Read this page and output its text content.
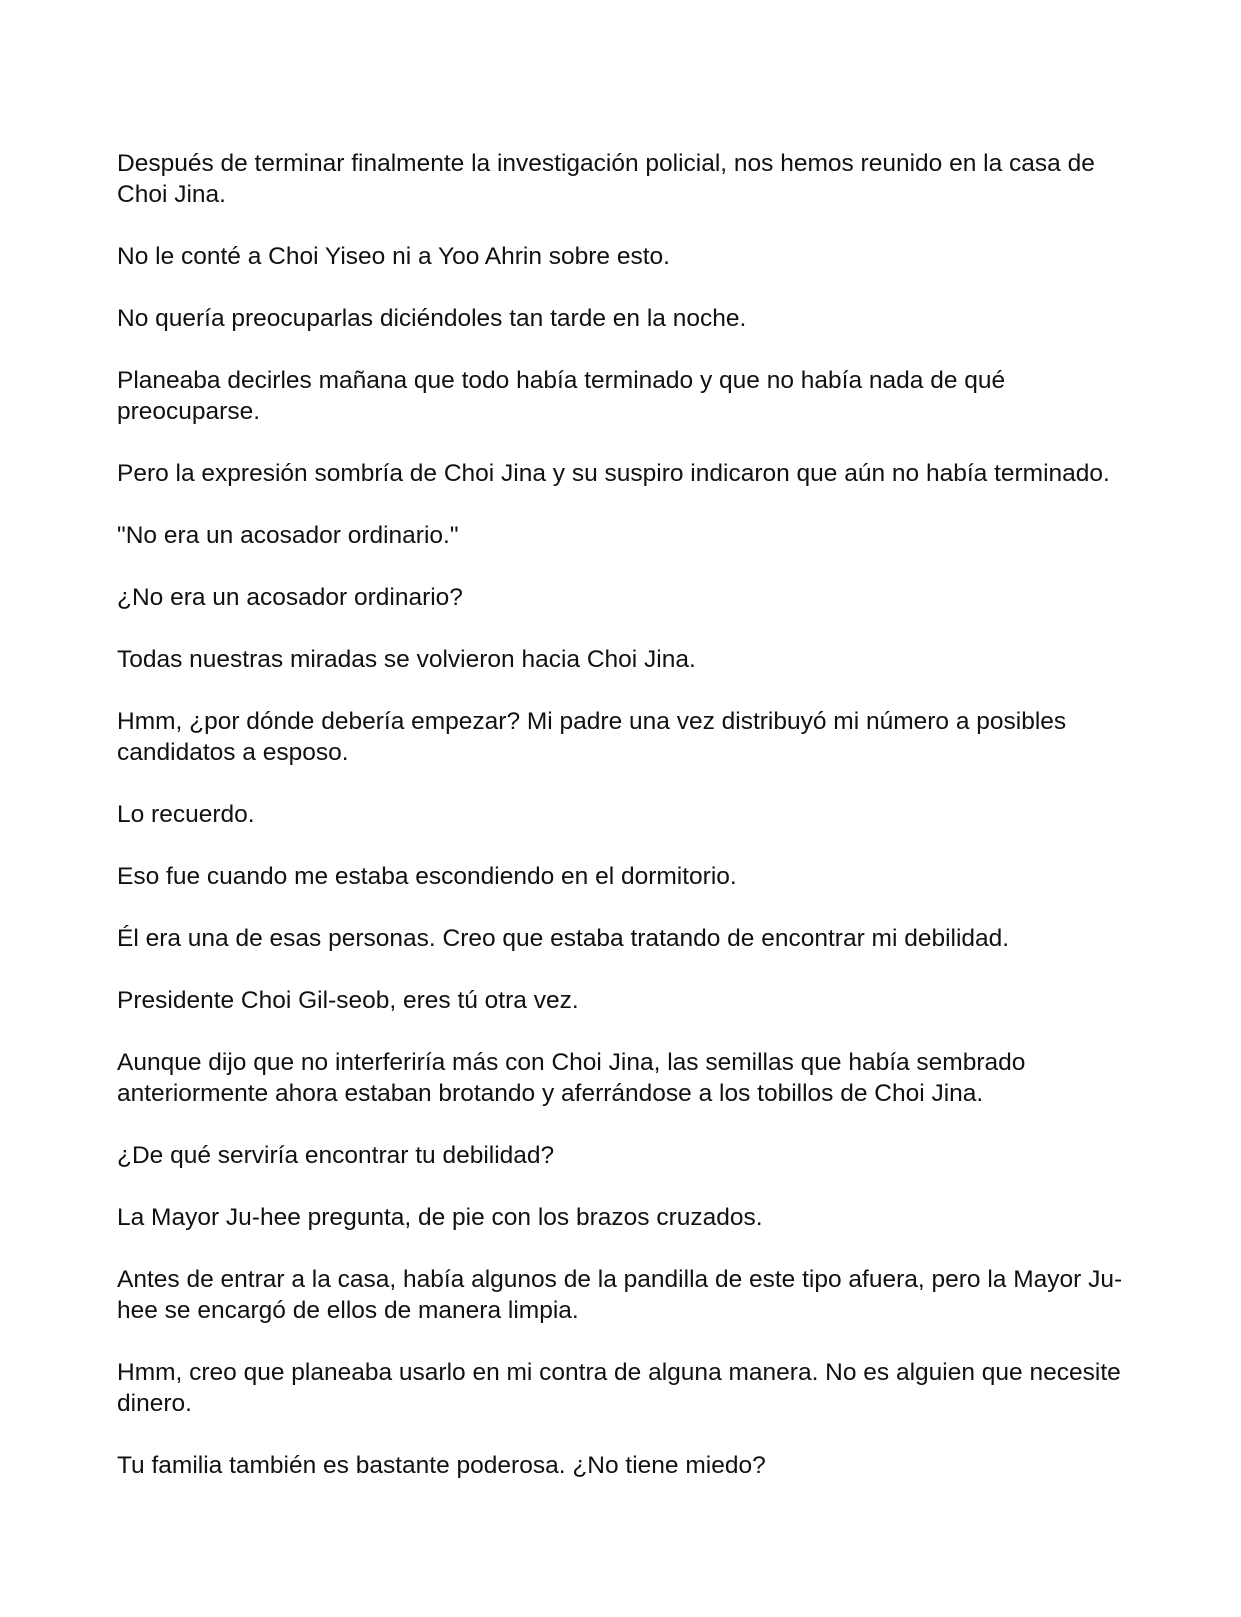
Después de terminar finalmente la investigación policial, nos hemos reunido en la casa de Choi Jina.

No le conté a Choi Yiseo ni a Yoo Ahrin sobre esto.

No quería preocuparlas diciéndoles tan tarde en la noche.

Planeaba decirles mañana que todo había terminado y que no había nada de qué preocuparse.

Pero la expresión sombría de Choi Jina y su suspiro indicaron que aún no había terminado.

"No era un acosador ordinario."

¿No era un acosador ordinario?

Todas nuestras miradas se volvieron hacia Choi Jina.

Hmm, ¿por dónde debería empezar? Mi padre una vez distribuyó mi número a posibles candidatos a esposo.

Lo recuerdo.

Eso fue cuando me estaba escondiendo en el dormitorio.

Él era una de esas personas. Creo que estaba tratando de encontrar mi debilidad.

Presidente Choi Gil-seob, eres tú otra vez.

Aunque dijo que no interferiría más con Choi Jina, las semillas que había sembrado anteriormente ahora estaban brotando y aferrándose a los tobillos de Choi Jina.

¿De qué serviría encontrar tu debilidad?

La Mayor Ju-hee pregunta, de pie con los brazos cruzados.

Antes de entrar a la casa, había algunos de la pandilla de este tipo afuera, pero la Mayor Ju-hee se encargó de ellos de manera limpia.

Hmm, creo que planeaba usarlo en mi contra de alguna manera. No es alguien que necesite dinero.

Tu familia también es bastante poderosa. ¿No tiene miedo?
